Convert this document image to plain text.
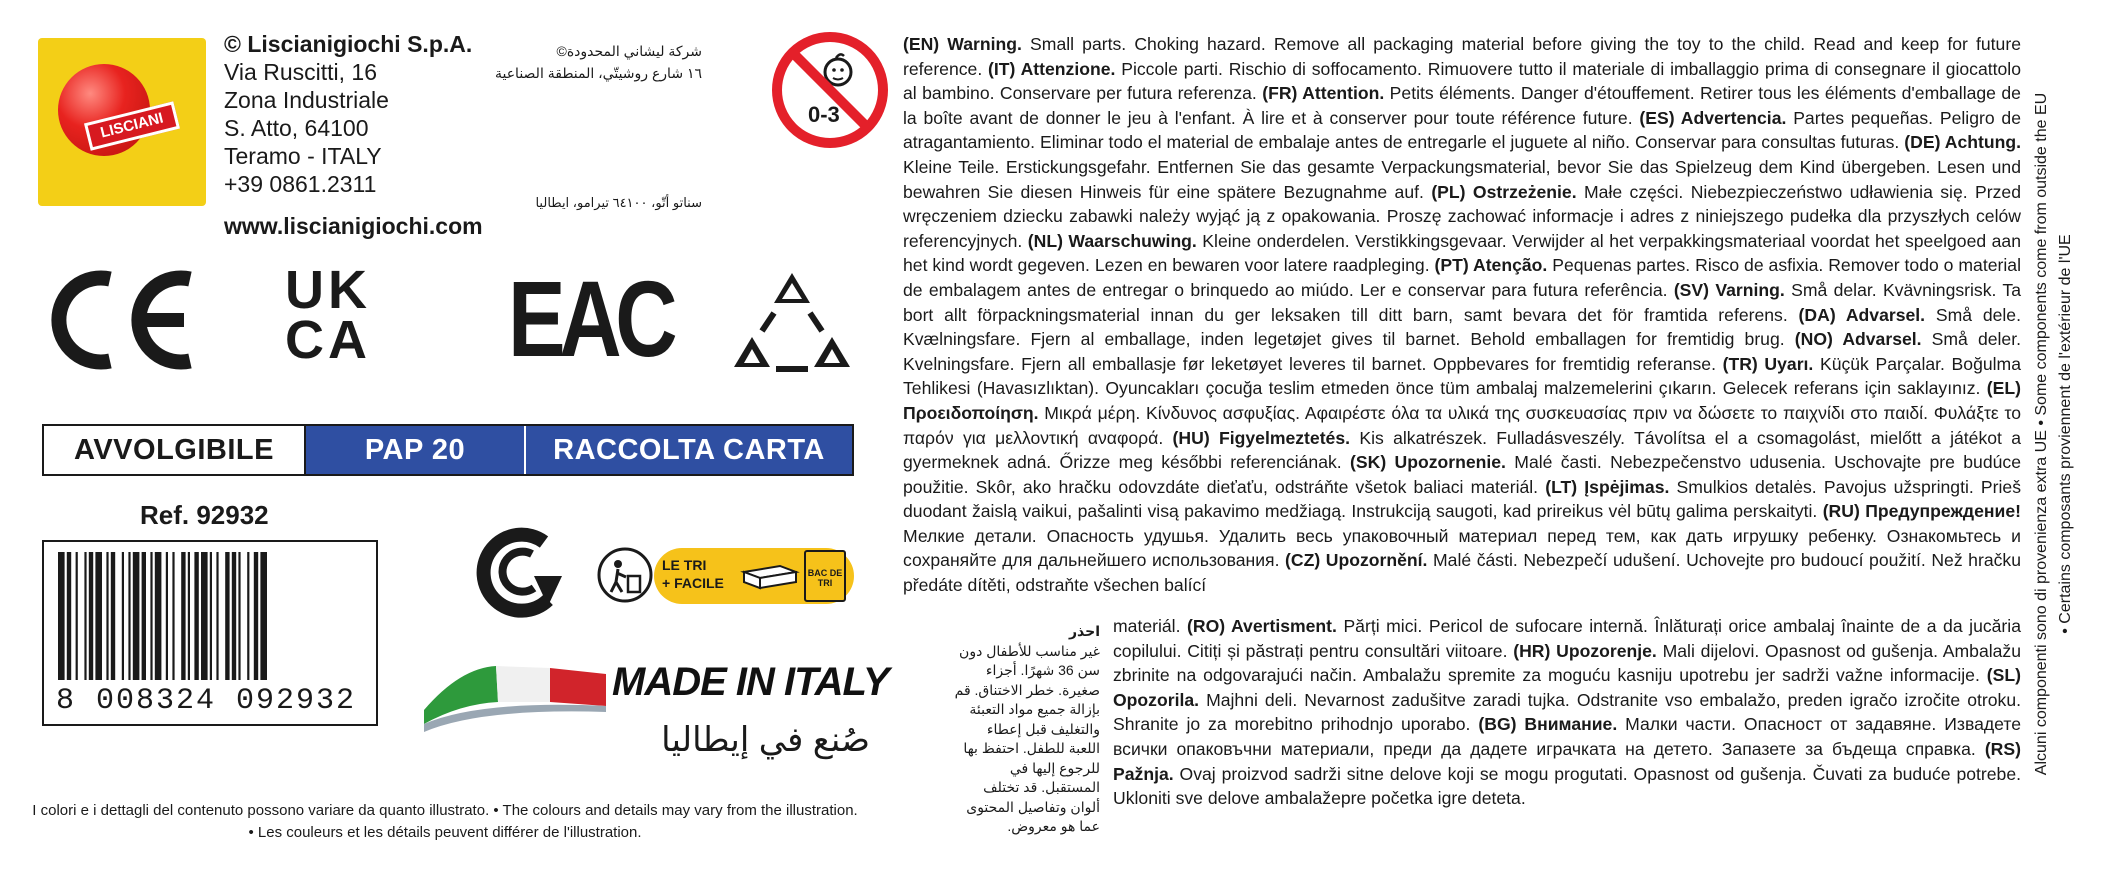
LISCIANI
© Liscianigiochi S.p.A.
Via Ruscitti, 16
Zona Industriale
S. Atto, 64100
Teramo - ITALY
+39 0861.2311
www.liscianigiochi.com
شركة ليشاني المحدودة©
١٦ شارع روشيتّي، المنطقة الصناعية
سناتو أتّو، ٦٤١٠٠ تيرامو، ايطاليا
0-3
UK
CA EAC
AVVOLGIBILE	PAP 20	RACCOLTA CARTA
Ref. 92932
8 008324 092932
LE TRI
+ FACILE
BAC DE TRI
MADE IN ITALY
صُنع في إيطاليا
احذر
غير مناسب للأطفال دون سن 36 شهرًا. أجزاء صغيرة. خطر الاختناق. قم بإزالة جميع مواد التعبئة والتغليف قبل إعطاء اللعبة للطفل. احتفظ بها للرجوع إليها في المستقبل. قد تختلف ألوان وتفاصيل المحتوى عما هو معروض.
I colori e i dettagli del contenuto possono variare da quanto illustrato. • The colours and details may vary from the illustration.
• Les couleurs et les détails peuvent différer de l'illustration.
(EN) Warning. Small parts. Choking hazard. Remove all packaging material before giving the toy to the child. Read and keep for future reference. (IT) Attenzione. Piccole parti. Rischio di soffocamento. Rimuovere tutto il materiale di imballaggio prima di consegnare il giocattolo al bambino. Conservare per futura referenza. (FR) Attention. Petits éléments. Danger d'étouffement. Retirer tous les éléments d'emballage de la boîte avant de donner le jeu à l'enfant. À lire et à conserver pour toute référence future. (ES) Advertencia. Partes pequeñas. Peligro de atragantamiento. Eliminar todo el material de embalaje antes de entregarle el juguete al niño. Conservar para consultas futuras. (DE) Achtung. Kleine Teile. Erstickungsgefahr. Entfernen Sie das gesamte Verpackungsmaterial, bevor Sie das Spielzeug dem Kind übergeben. Lesen und bewahren Sie diesen Hinweis für eine spätere Bezugnahme auf. (PL) Ostrzeżenie. Małe części. Niebezpieczeństwo udławienia się. Przed wręczeniem dziecku zabawki należy wyjąć ją z opakowania. Proszę zachować informacje i adres z niniejszego pudełka dla przyszłych celów referencyjnych. (NL) Waarschuwing. Kleine onderdelen. Verstikkingsgevaar. Verwijder al het verpakkingsmateriaal voordat het speelgoed aan het kind wordt gegeven. Lezen en bewaren voor latere raadpleging. (PT) Atenção. Pequenas partes. Risco de asfixia. Remover todo o material de embalagem antes de entregar o brinquedo ao miúdo. Ler e conservar para futura referência. (SV) Varning. Små delar. Kvävningsrisk. Ta bort allt förpackningsmaterial innan du ger leksaken till ditt barn, samt bevara det för framtida referens. (DA) Advarsel. Små dele. Kvælningsfare. Fjern al emballage, inden legetøjet gives til barnet. Behold emballagen for fremtidig brug. (NO) Advarsel. Små deler. Kvelningsfare. Fjern all emballasje før leketøyet leveres til barnet. Oppbevares for fremtidig referanse. (TR) Uyarı. Küçük Parçalar. Boğulma Tehlikesi (Havasızlıktan). Oyuncakları çocuğa teslim etmeden önce tüm ambalaj malzemelerini çıkarın. Gelecek referans için saklayınız. (EL) Προειδοποίηση. Μικρά μέρη. Κίνδυνος ασφυξίας. Αφαιρέστε όλα τα υλικά της συσκευασίας πριν να δώσετε το παιχνίδι στο παιδί. Φυλάξτε το παρόν για μελλοντική αναφορά. (HU) Figyelmeztetés. Kis alkatrészek. Fulladásveszély. Távolítsa el a csomagolást, mielőtt a játékot a gyermeknek adná. Őrizze meg későbbi referenciának. (SK) Upozornenie. Malé časti. Nebezpečenstvo udusenia. Uschovajte pre budúce použitie. Skôr, ako hračku odovzdáte dieťaťu, odstráňte všetok baliaci materiál. (LT) Įspėjimas. Smulkios detalės. Pavojus užspringti. Prieš duodant žaislą vaikui, pašalinti visą pakavimo medžiagą. Instrukciją saugoti, kad prireikus vėl būtų galima perskaityti. (RU) Предупреждение! Мелкие детали. Опасность удушья. Удалить весь упаковочный материал перед тем, как дать игрушку ребенку. Ознакомьтесь и сохраняйте для дальнейшего использования. (CZ) Upozornění. Malé části. Nebezpečí udušení. Uchovejte pro budoucí použití. Než hračku předáte dítěti, odstraňte všechen balící
materiál. (RO) Avertisment. Părți mici. Pericol de sufocare internă. Înlăturați orice ambalaj înainte de a da jucăria copilului. Citiți și păstrați pentru consultări viitoare. (HR) Upozorenje. Mali dijelovi. Opasnost od gušenja. Ambalažu zbrinite na odgovarajući način. Ambalažu spremite za moguću kasniju upotrebu jer sadrži važne informacije. (SL) Opozorila. Majhni deli. Nevarnost zadušitve zaradi tujka. Odstranite vso embalažo, preden igračo izročite otroku. Shranite jo za morebitno prihodnjo uporabo. (BG) Внимание. Малки части. Опасност от задавяне. Извадете всички опаковъчни материали, преди да дадете играчката на детето. Запазете за бъдеща справка. (RS) Pažnja. Ovaj proizvod sadrži sitne delove koji se mogu progutati. Opasnost od gušenja. Čuvati za buduće potrebe. Ukloniti sve delove ambalažepre početka igre deteta.
Alcuni componenti sono di provenienza extra UE • Some components come from outside the EU • Certains composants proviennent de l'extérieur de l'UE
